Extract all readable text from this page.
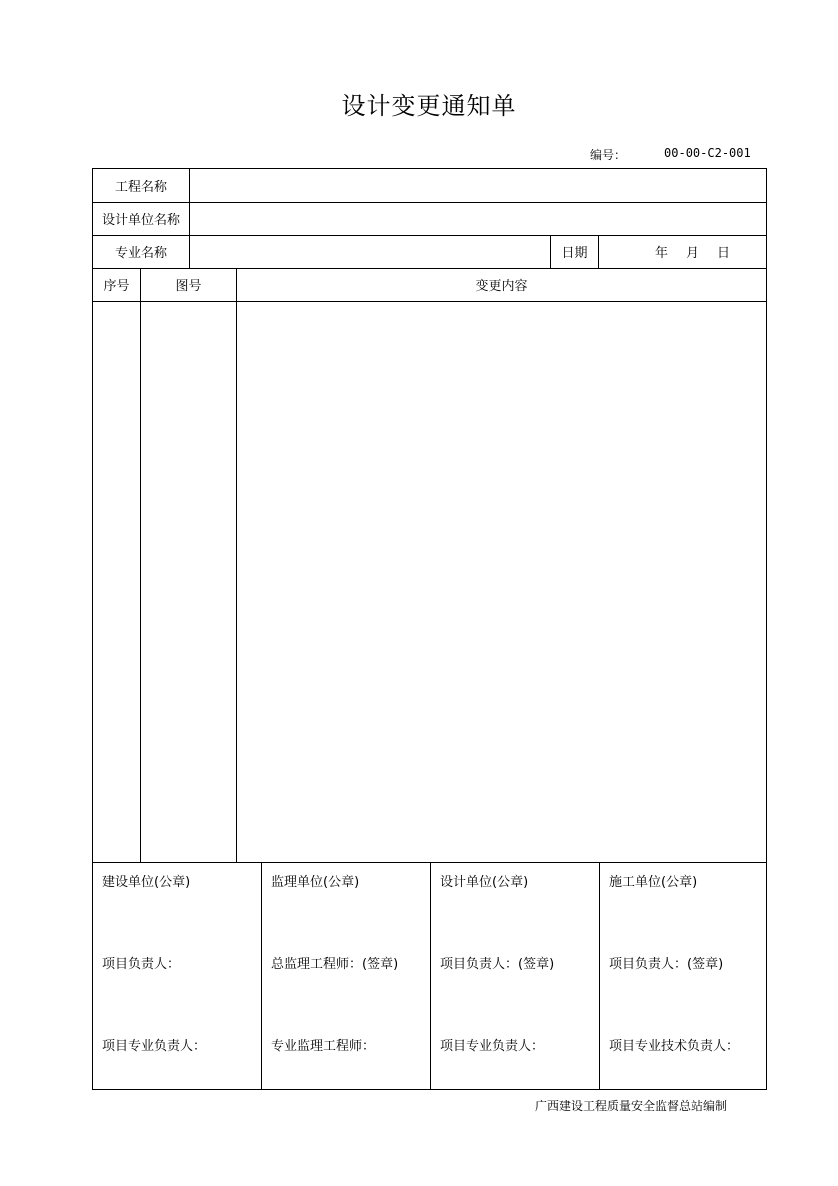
设计变更通知单
编号：	00-00-C2-001
工程名称
设计单位名称
专业名称	日期	年 月 日
序号	图号	变更内容
建设单位(公章)
项目负责人：
项目专业负责人：
监理单位(公章)
总监理工程师：(签章)
专业监理工程师：
设计单位(公章)
项目负责人：(签章)
项目专业负责人：
施工单位(公章)
项目负责人：(签章)
项目专业技术负责人：
广西建设工程质量安全监督总站编制
